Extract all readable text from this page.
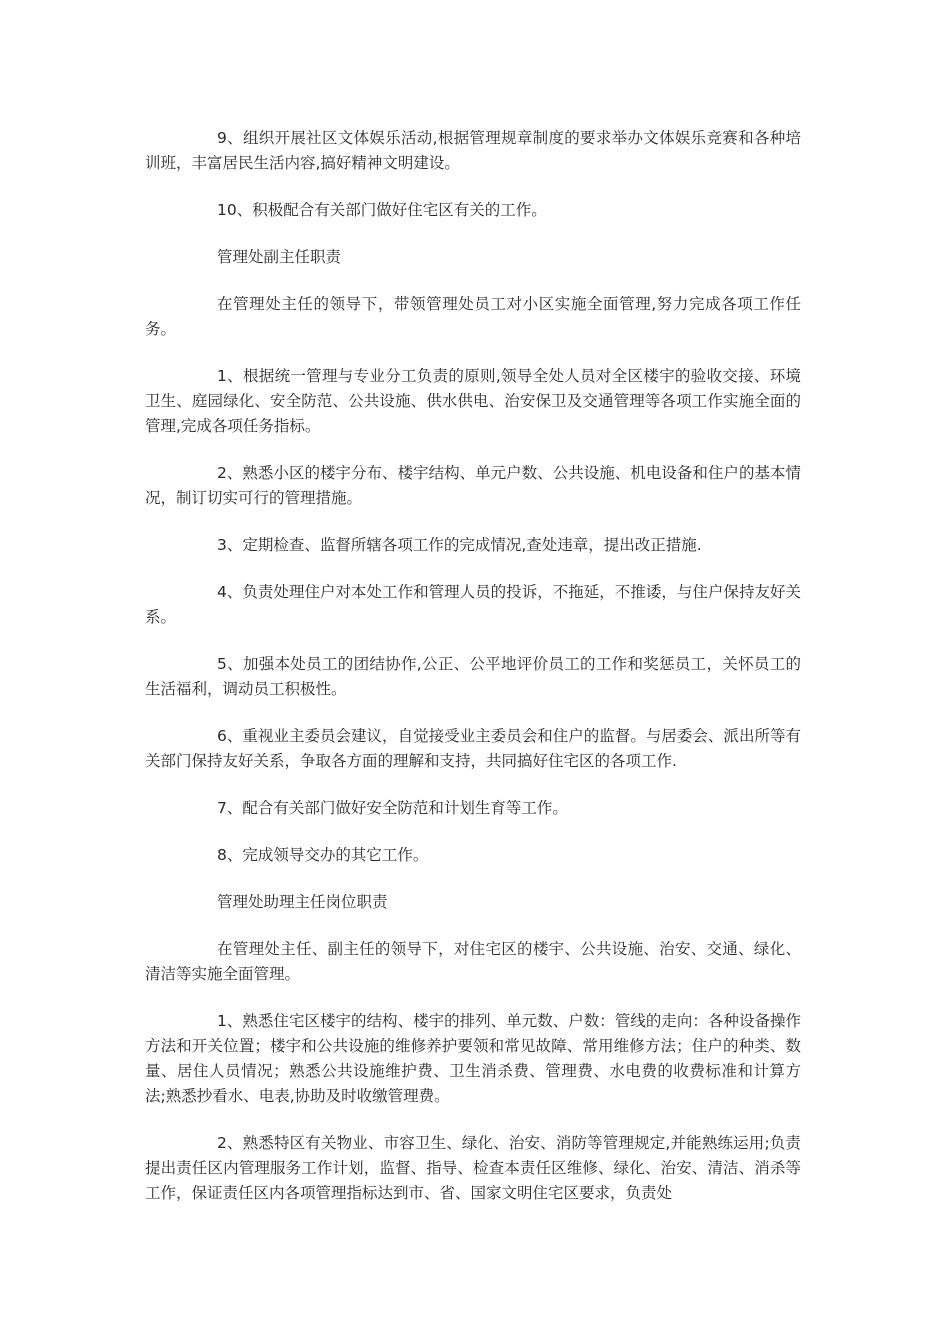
9、组织开展社区文体娱乐活动,根据管理规章制度的要求举办文体娱乐竞赛和各种培训班，丰富居民生活内容,搞好精神文明建设。

10、积极配合有关部门做好住宅区有关的工作。

管理处副主任职责

在管理处主任的领导下，带领管理处员工对小区实施全面管理,努力完成各项工作任务。

1、根据统一管理与专业分工负责的原则,领导全处人员对全区楼宇的验收交接、环境卫生、庭园绿化、安全防范、公共设施、供水供电、治安保卫及交通管理等各项工作实施全面的管理,完成各项任务指标。

2、熟悉小区的楼宇分布、楼宇结构、单元户数、公共设施、机电设备和住户的基本情况，制订切实可行的管理措施。

3、定期检查、监督所辖各项工作的完成情况,查处违章，提出改正措施.

4、负责处理住户对本处工作和管理人员的投诉，不拖延，不推诿，与住户保持友好关系。

5、加强本处员工的团结协作,公正、公平地评价员工的工作和奖惩员工，关怀员工的生活福利，调动员工积极性。

6、重视业主委员会建议，自觉接受业主委员会和住户的监督。与居委会、派出所等有关部门保持友好关系，争取各方面的理解和支持，共同搞好住宅区的各项工作.

7、配合有关部门做好安全防范和计划生育等工作。

8、完成领导交办的其它工作。

管理处助理主任岗位职责

在管理处主任、副主任的领导下，对住宅区的楼宇、公共设施、治安、交通、绿化、清洁等实施全面管理。

1、熟悉住宅区楼宇的结构、楼宇的排列、单元数、户数：管线的走向：各种设备操作方法和开关位置；楼宇和公共设施的维修养护要领和常见故障、常用维修方法；住户的种类、数量、居住人员情况；熟悉公共设施维护费、卫生消杀费、管理费、水电费的收费标准和计算方法;熟悉抄看水、电表,协助及时收缴管理费。

2、熟悉特区有关物业、市容卫生、绿化、治安、消防等管理规定,并能熟练运用;负责提出责任区内管理服务工作计划，监督、指导、检查本责任区维修、绿化、治安、清洁、消杀等工作，保证责任区内各项管理指标达到市、省、国家文明住宅区要求，负责处
